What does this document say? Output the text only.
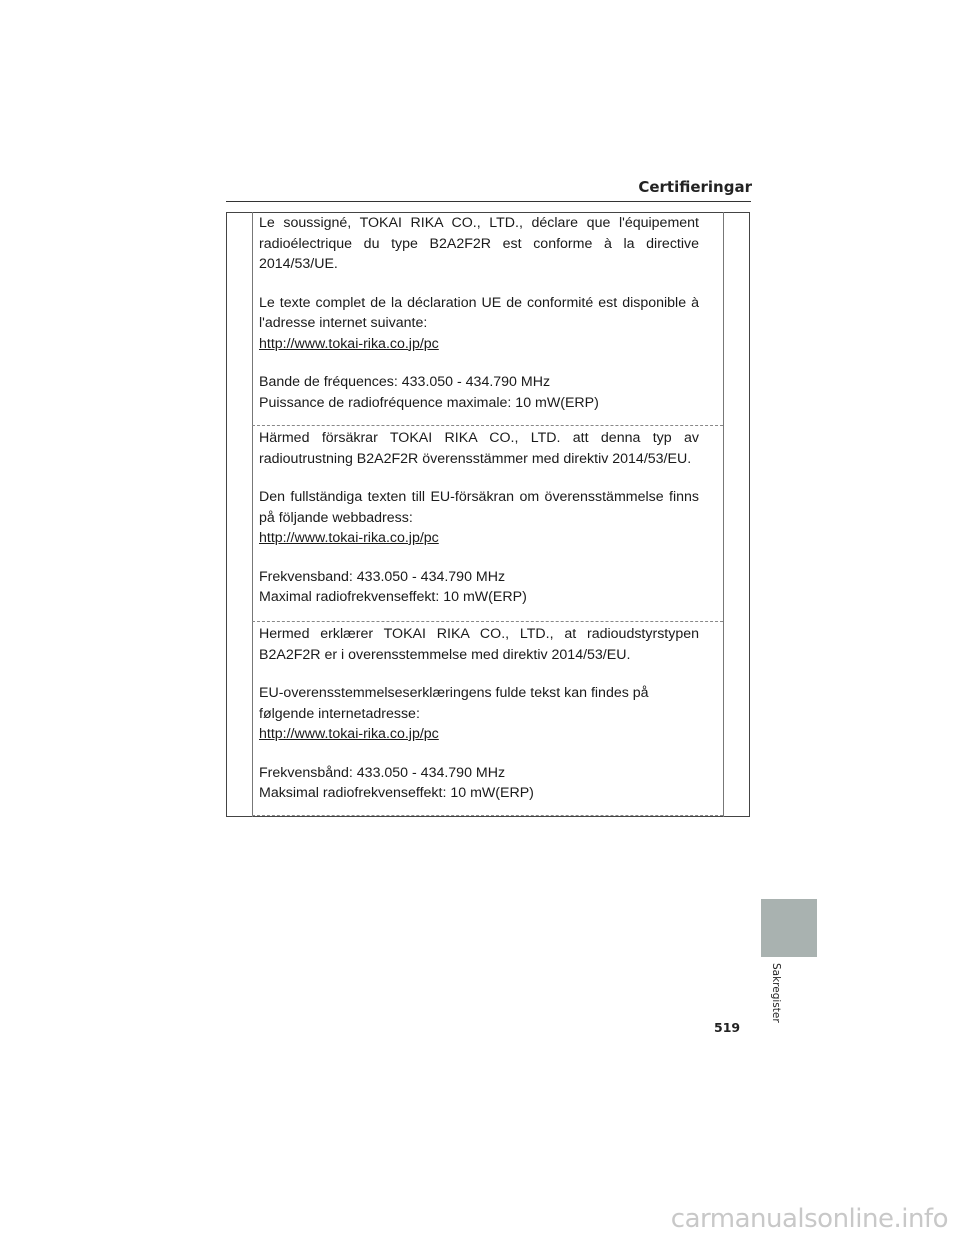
Certifieringar

Le soussigné, TOKAI RIKA CO., LTD., déclare que l'équipement radioélectrique du type B2A2F2R est conforme à la directive 2014/53/UE.

Le texte complet de la déclaration UE de conformité est disponible à l'adresse internet suivante:
http://www.tokai-rika.co.jp/pc

Bande de fréquences: 433.050 - 434.790 MHz
Puissance de radiofréquence maximale: 10 mW(ERP)

Härmed försäkrar TOKAI RIKA CO., LTD. att denna typ av radioutrustning B2A2F2R överensstämmer med direktiv 2014/53/EU.

Den fullständiga texten till EU-försäkran om överensstämmelse finns på följande webbadress:
http://www.tokai-rika.co.jp/pc

Frekvensband: 433.050 - 434.790 MHz
Maximal radiofrekvenseffekt: 10 mW(ERP)

Hermed erklærer TOKAI RIKA CO., LTD., at radioudstyrstypen B2A2F2R er i overensstemmelse med direktiv 2014/53/EU.

EU-overensstemmelseserklæringens fulde tekst kan findes på
følgende internetadresse:
http://www.tokai-rika.co.jp/pc

Frekvensbånd: 433.050 - 434.790 MHz
Maksimal radiofrekvenseffekt: 10 mW(ERP)

Sakregister
519
carmanualsonline.info
